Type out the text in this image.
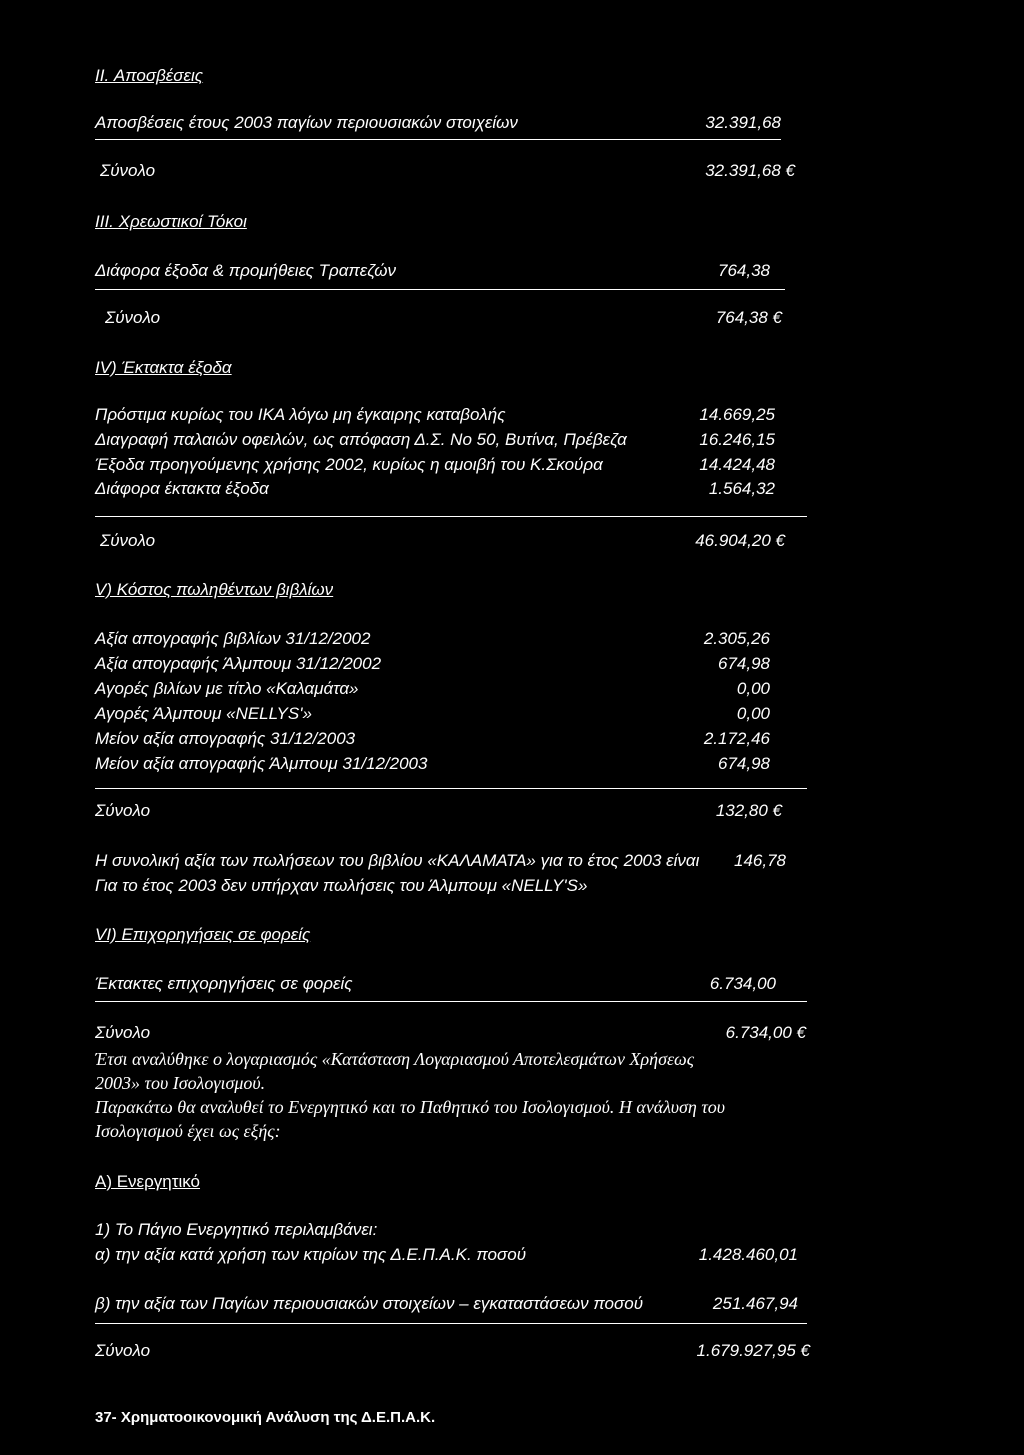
II. Αποσβέσεις
Αποσβέσεις έτους 2003 παγίων περιουσιακών στοιχείων	32.391,68
Σύνολο	32.391,68 €
III. Χρεωστικοί Τόκοι
Διάφορα έξοδα & προμήθειες Τραπεζών	764,38
Σύνολο	764,38 €
IV) Έκτακτα έξοδα
Πρόστιμα κυρίως του ΙΚΑ λόγω μη έγκαιρης καταβολής	14.669,25
Διαγραφή παλαιών οφειλών, ως απόφαση Δ.Σ. Νο 50, Βυτίνα, Πρέβεζα	16.246,15
Έξοδα προηγούμενης χρήσης 2002, κυρίως η αμοιβή του Κ.Σκούρα	14.424,48
Διάφορα έκτακτα έξοδα	1.564,32
Σύνολο	46.904,20 €
V) Κόστος πωληθέντων βιβλίων
Αξία απογραφής βιβλίων 31/12/2002	2.305,26
Αξία απογραφής Άλμπουμ 31/12/2002	674,98
Αγορές βιλίων με τίτλο «Καλαμάτα»	0,00
Αγορές Άλμπουμ «NELLYS'»	0,00
Μείον αξία απογραφής 31/12/2003	2.172,46
Μείον αξία απογραφής Άλμπουμ 31/12/2003	674,98
Σύνολο	132,80 €
Η συνολική αξία των πωλήσεων του βιβλίου «ΚΑΛΑΜΑΤΑ» για το έτος 2003 είναι	146,78
Για το έτος 2003 δεν υπήρχαν πωλήσεις του Άλμπουμ «NELLY'S»
VI) Επιχορηγήσεις σε φορείς
Έκτακτες επιχορηγήσεις σε φορείς	6.734,00
Σύνολο	6.734,00 €
Έτσι αναλύθηκε ο λογαριασμός «Κατάσταση Λογαριασμού Αποτελεσμάτων Χρήσεως
2003» του Ισολογισμού.
Παρακάτω θα αναλυθεί το Ενεργητικό και το Παθητικό του Ισολογισμού. Η ανάλυση του
Ισολογισμού έχει ως εξής:
Α) Ενεργητικό
1) Το Πάγιο Ενεργητικό περιλαμβάνει:
α) την αξία κατά χρήση των κτιρίων της Δ.Ε.Π.Α.Κ. ποσού	1.428.460,01
β) την αξία των Παγίων περιουσιακών στοιχείων – εγκαταστάσεων ποσού	251.467,94
Σύνολο	1.679.927,95 €
37- Χρηματοοικονομική Ανάλυση της Δ.Ε.Π.Α.Κ.
